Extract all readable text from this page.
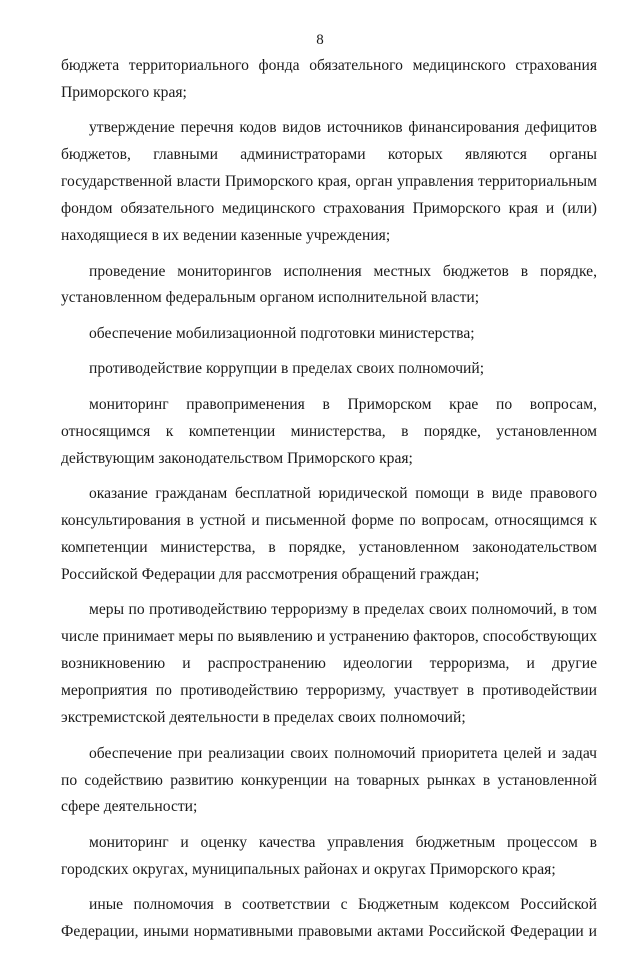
8

бюджета территориального фонда обязательного медицинского страхования Приморского края;

утверждение перечня кодов видов источников финансирования дефицитов бюджетов, главными администраторами которых являются органы государственной власти Приморского края, орган управления территориальным фондом обязательного медицинского страхования Приморского края и (или) находящиеся в их ведении казенные учреждения;

проведение мониторингов исполнения местных бюджетов в порядке, установленном федеральным органом исполнительной власти;

обеспечение мобилизационной подготовки министерства;

противодействие коррупции в пределах своих полномочий;

мониторинг правоприменения в Приморском крае по вопросам, относящимся к компетенции министерства, в порядке, установленном действующим законодательством Приморского края;

оказание гражданам бесплатной юридической помощи в виде правового консультирования в устной и письменной форме по вопросам, относящимся к компетенции министерства, в порядке, установленном законодательством Российской Федерации для рассмотрения обращений граждан;

меры по противодействию терроризму в пределах своих полномочий, в том числе принимает меры по выявлению и устранению факторов, способствующих возникновению и распространению идеологии терроризма, и другие мероприятия по противодействию терроризму, участвует в противодействии экстремистской деятельности в пределах своих полномочий;

обеспечение при реализации своих полномочий приоритета целей и задач по содействию развитию конкуренции на товарных рынках в установленной сфере деятельности;

мониторинг и оценку качества управления бюджетным процессом в городских округах, муниципальных районах и округах Приморского края;

иные полномочия в соответствии с Бюджетным кодексом Российской Федерации, иными нормативными правовыми актами Российской Федерации и
